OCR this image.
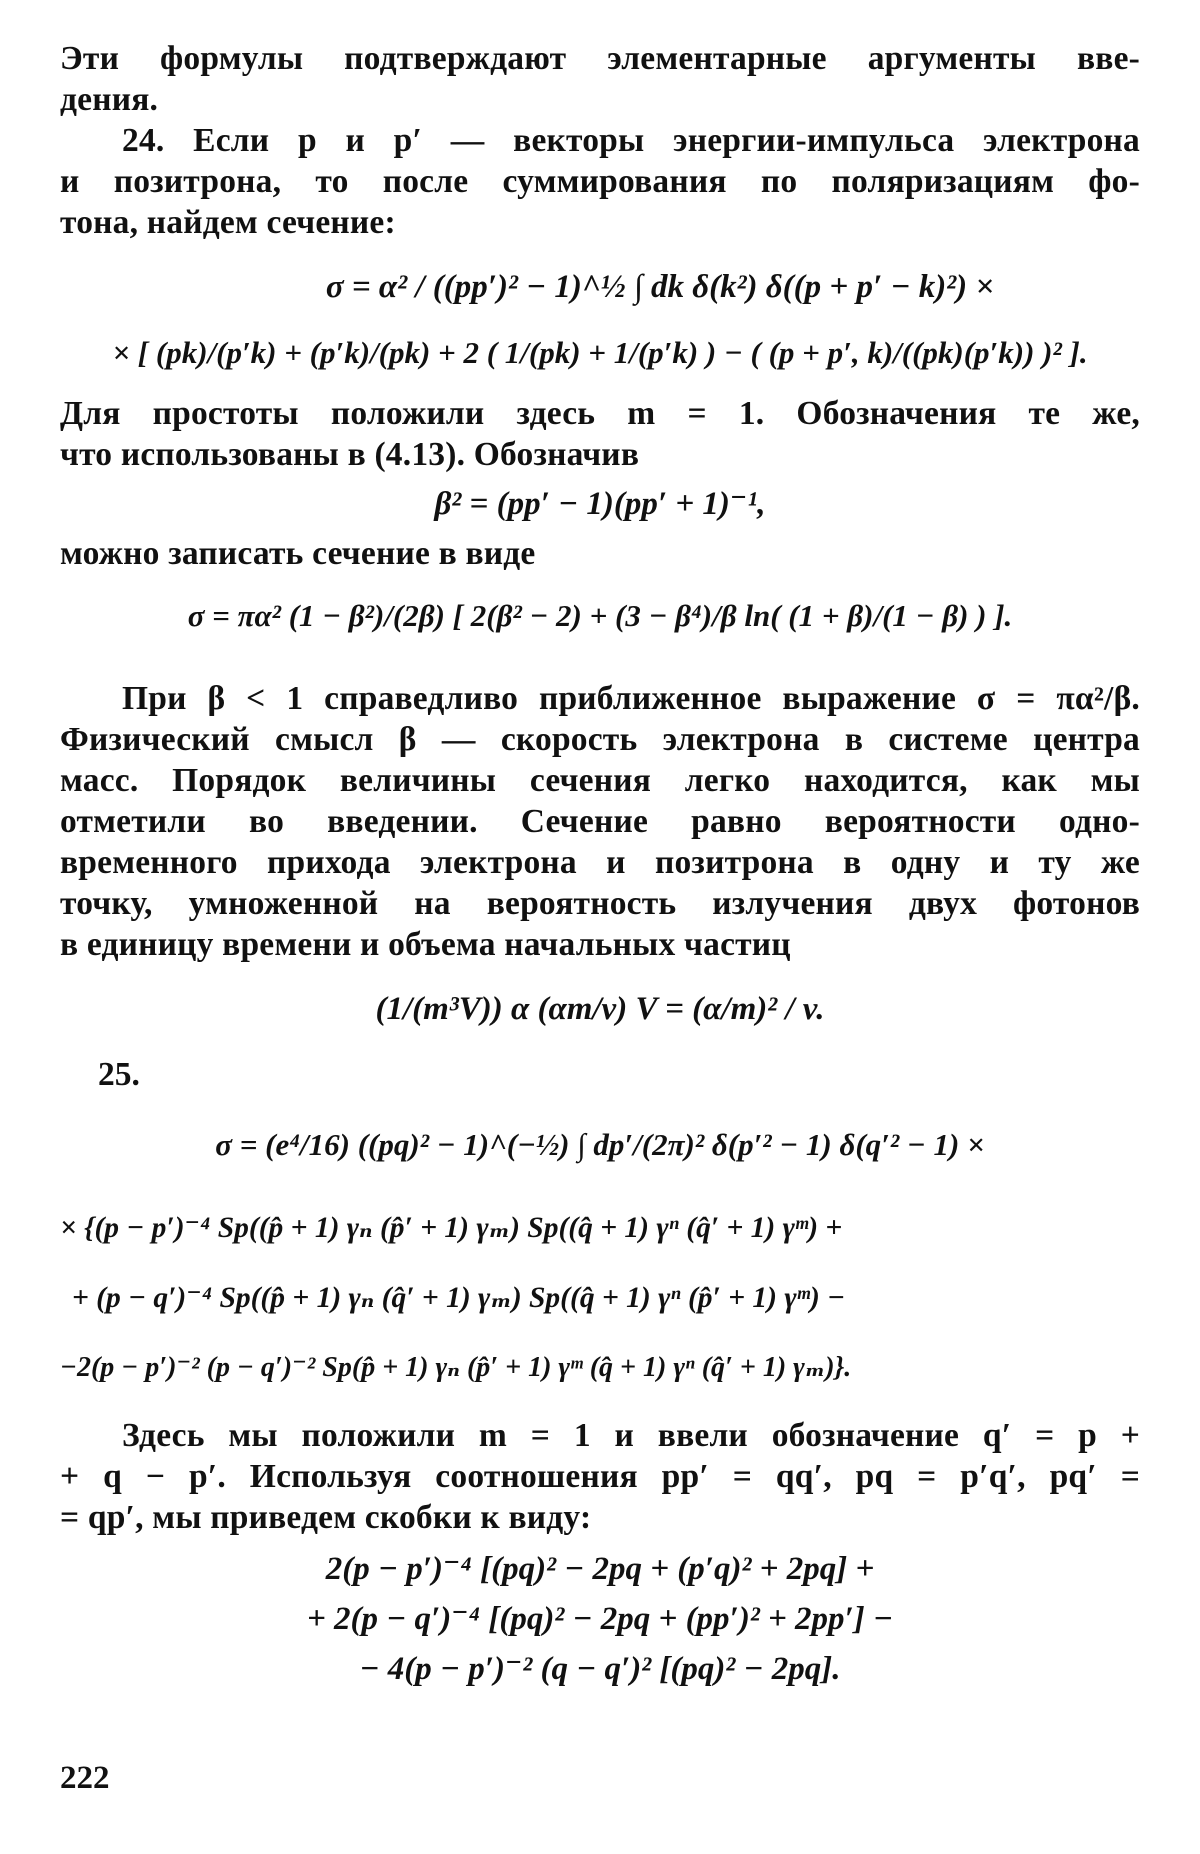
Эти формулы подтверждают элементарные аргументы вве-
дения.
24. Если p и p′ — векторы энергии-импульса электрона
и позитрона, то после суммирования по поляризациям фо-
тона, найдем сечение:
σ = α² / ((pp′)² − 1)^½ ∫ dk δ(k²) δ((p + p′ − k)²) ×
× [ (pk)/(p′k) + (p′k)/(pk) + 2 ( 1/(pk) + 1/(p′k) ) − ( (p + p′, k)/((pk)(p′k)) )² ].
Для простоты положили здесь m = 1. Обозначения те же,
что использованы в (4.13). Обозначив
β² = (pp′ − 1)(pp′ + 1)⁻¹,
можно записать сечение в виде
σ = πα² (1 − β²)/(2β) [ 2(β² − 2) + (3 − β⁴)/β ln( (1 + β)/(1 − β) ) ].
При β < 1 справедливо приближенное выражение σ = πα²/β.
Физический смысл β — скорость электрона в системе центра
масс. Порядок величины сечения легко находится, как мы
отметили во введении. Сечение равно вероятности одно-
временного прихода электрона и позитрона в одну и ту же
точку, умноженной на вероятность излучения двух фотонов
в единицу времени и объема начальных частиц
(1/(m³V)) α (αm/v) V = (α/m)² / v.
25.
σ = (e⁴/16) ((pq)² − 1)^(−½) ∫ dp′/(2π)² δ(p′² − 1) δ(q′² − 1) ×
× {(p − p′)⁻⁴ Sp((p̂ + 1) γₙ (p̂′ + 1) γₘ) Sp((q̂ + 1) γⁿ (q̂′ + 1) γᵐ) +
+ (p − q′)⁻⁴ Sp((p̂ + 1) γₙ (q̂′ + 1) γₘ) Sp((q̂ + 1) γⁿ (p̂′ + 1) γᵐ) −
−2(p − p′)⁻² (p − q′)⁻² Sp(p̂ + 1) γₙ (p̂′ + 1) γᵐ (q̂ + 1) γⁿ (q̂′ + 1) γₘ)}.
Здесь мы положили m = 1 и ввели обозначение q′ = p +
+ q − p′. Используя соотношения pp′ = qq′, pq = p′q′, pq′ =
= qp′, мы приведем скобки к виду:
2(p − p′)⁻⁴ [(pq)² − 2pq + (p′q)² + 2pq] +
+ 2(p − q′)⁻⁴ [(pq)² − 2pq + (pp′)² + 2pp′] −
− 4(p − p′)⁻² (q − q′)² [(pq)² − 2pq].
222
